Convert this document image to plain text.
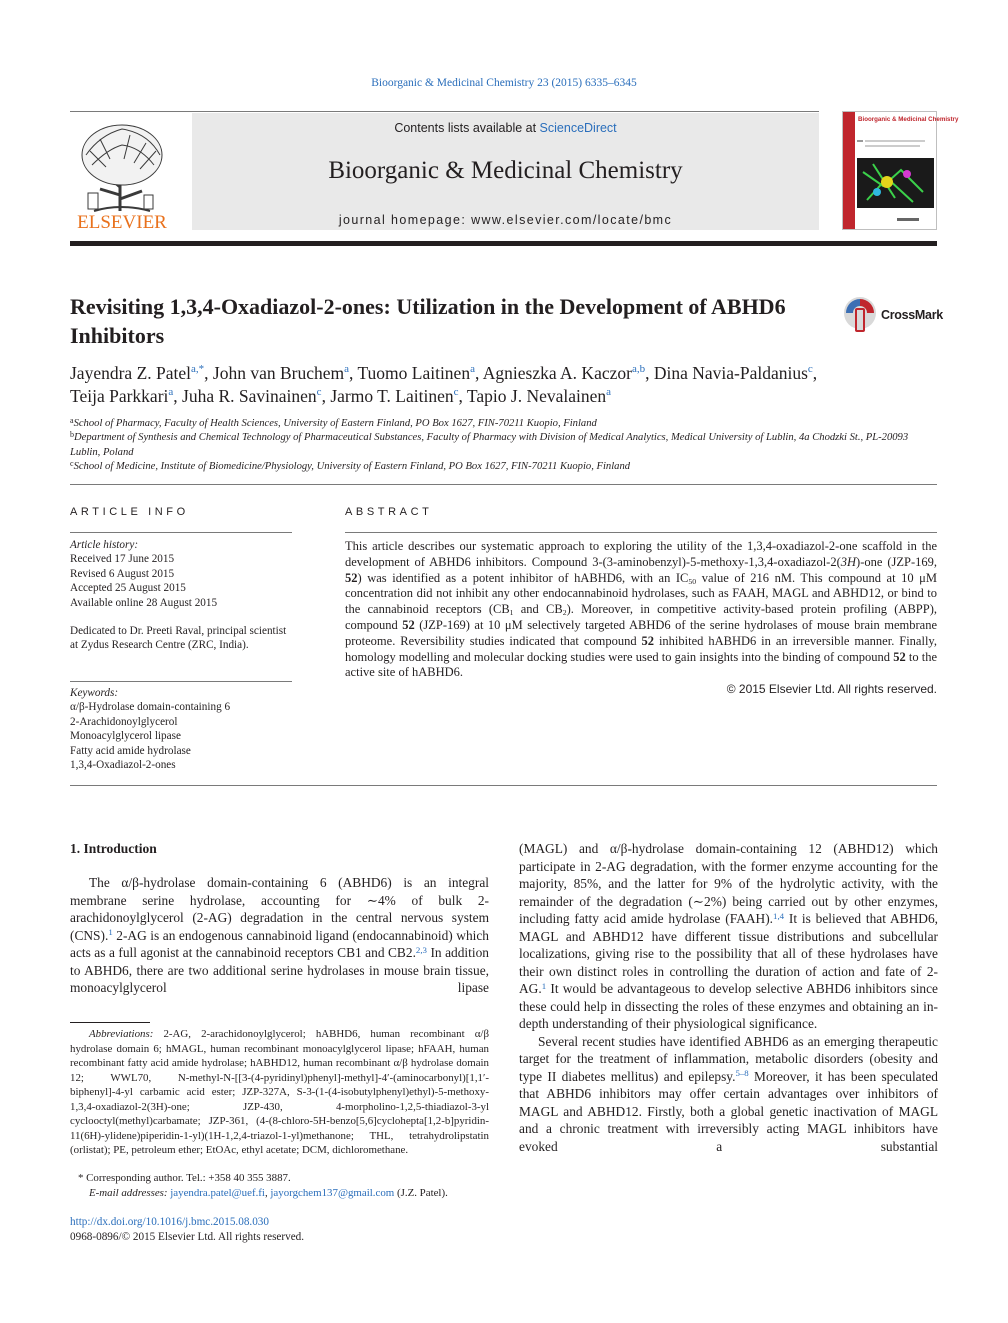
Bioorganic & Medicinal Chemistry 23 (2015) 6335–6345
ELSEVIER
Contents lists available at ScienceDirect
Bioorganic & Medicinal Chemistry
journal homepage: www.elsevier.com/locate/bmc
Bioorganic & Medicinal Chemistry
Revisiting 1,3,4-Oxadiazol-2-ones: Utilization in the Development of ABHD6 Inhibitors
CrossMark
Jayendra Z. Patel$^{a,*}$, John van Bruchem$^a$, Tuomo Laitinen$^a$, Agnieszka A. Kaczor$^{a,b}$, Dina Navia-Paldanius$^c$,
Teija Parkkari$^a$, Juha R. Savinainen$^c$, Jarmo T. Laitinen$^c$, Tapio J. Nevalainen$^a$
$^a$School of Pharmacy, Faculty of Health Sciences, University of Eastern Finland, PO Box 1627, FIN-70211 Kuopio, Finland
$^b$Department of Synthesis and Chemical Technology of Pharmaceutical Substances, Faculty of Pharmacy with Division of Medical Analytics, Medical University of Lublin, 4a Chodzki St., PL-20093 Lublin, Poland
$^c$School of Medicine, Institute of Biomedicine/Physiology, University of Eastern Finland, PO Box 1627, FIN-70211 Kuopio, Finland
ARTICLE INFO
Article history:
Received 17 June 2015
Revised 6 August 2015
Accepted 25 August 2015
Available online 28 August 2015
Dedicated to Dr. Preeti Raval, principal scientist at Zydus Research Centre (ZRC, India).
Keywords:
α/β-Hydrolase domain-containing 6
2-Arachidonoylglycerol
Monoacylglycerol lipase
Fatty acid amide hydrolase
1,3,4-Oxadiazol-2-ones
ABSTRACT
This article describes our systematic approach to exploring the utility of the 1,3,4-oxadiazol-2-one scaffold in the development of ABHD6 inhibitors. Compound 3-(3-aminobenzyl)-5-methoxy-1,3,4-oxadiazol-2(3H)-one (JZP-169, 52) was identified as a potent inhibitor of hABHD6, with an $IC_{50}$ value of 216 nM. This compound at 10 μM concentration did not inhibit any other endocannabinoid hydrolases, such as FAAH, MAGL and ABHD12, or bind to the cannabinoid receptors ($CB_1$ and $CB_2$). Moreover, in competitive activity-based protein profiling (ABPP), compound 52 (JZP-169) at 10 μM selectively targeted ABHD6 of the serine hydrolases of mouse brain membrane proteome. Reversibility studies indicated that compound 52 inhibited hABHD6 in an irreversible manner. Finally, homology modelling and molecular docking studies were used to gain insights into the binding of compound 52 to the active site of hABHD6.
© 2015 Elsevier Ltd. All rights reserved.
1. Introduction

The α/β-hydrolase domain-containing 6 (ABHD6) is an integral membrane serine hydrolase, accounting for ∼4% of bulk 2-arachidonoylglycerol (2-AG) degradation in the central nervous system (CNS).$^1$ 2-AG is an endogenous cannabinoid ligand (endocannabinoid) which acts as a full agonist at the cannabinoid receptors CB1 and CB2.$^{2,3}$ In addition to ABHD6, there are two additional serine hydrolases in mouse brain tissue, monoacylglycerol lipase

(MAGL) and α/β-hydrolase domain-containing 12 (ABHD12) which participate in 2-AG degradation, with the former enzyme accounting for the majority, 85%, and the latter for 9% of the hydrolytic activity, with the remainder of the degradation (∼2%) being carried out by other enzymes, including fatty acid amide hydrolase (FAAH).$^{1,4}$ It is believed that ABHD6, MAGL and ABHD12 have different tissue distributions and subcellular localizations, giving rise to the possibility that all of these hydrolases have their own distinct roles in controlling the duration of action and fate of 2-AG.$^1$ It would be advantageous to develop selective ABHD6 inhibitors since these could help in dissecting the roles of these enzymes and obtaining an in-depth understanding of their physiological significance.

Several recent studies have identified ABHD6 as an emerging therapeutic target for the treatment of inflammation, metabolic disorders (obesity and type II diabetes mellitus) and epilepsy.$^{5-8}$ Moreover, it has been speculated that ABHD6 inhibitors may offer certain advantages over inhibitors of MAGL and ABHD12. Firstly, both a global genetic inactivation of MAGL and a chronic treatment with irreversibly acting MAGL inhibitors have evoked a substantial

Abbreviations: 2-AG, 2-arachidonoylglycerol; hABHD6, human recombinant α/β hydrolase domain 6; hMAGL, human recombinant monoacylglycerol lipase; hFAAH, human recombinant fatty acid amide hydrolase; hABHD12, human recombinant α/β hydrolase domain 12; WWL70, N-methyl-N-[[3-(4-pyridinyl)phenyl]-methyl]-4′-(aminocarbonyl)[1,1′-biphenyl]-4-yl carbamic acid ester; JZP-327A, S-3-(1-(4-isobutylphenyl)ethyl)-5-methoxy-1,3,4-oxadiazol-2(3H)-one; JZP-430, 4-morpholino-1,2,5-thiadiazol-3-yl cyclooctyl(methyl)carbamate; JZP-361, (4-(8-chloro-5H-benzo[5,6]cyclohepta[1,2-b]pyridin-11(6H)-ylidene)piperidin-1-yl)(1H-1,2,4-triazol-1-yl)methanone; THL, tetrahydrolipstatin (orlistat); PE, petroleum ether; EtOAc, ethyl acetate; DCM, dichloromethane.
* Corresponding author. Tel.: +358 40 355 3887.
E-mail addresses: jayendra.patel@uef.fi, jayorgchem137@gmail.com (J.Z. Patel).
http://dx.doi.org/10.1016/j.bmc.2015.08.030
0968-0896/© 2015 Elsevier Ltd. All rights reserved.
